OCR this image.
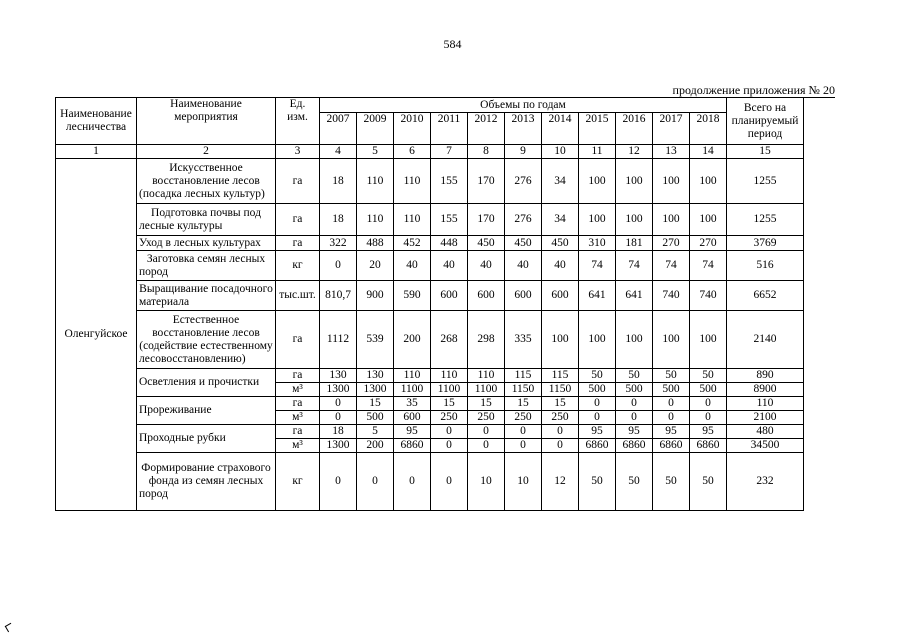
584
продолжение приложения № 20
Наименование лесничества	Наименование мероприятия	Ед. изм.	Объемы по годам											Всего на планируемый период
			2007	2009	2010	2011	2012	2013	2014	2015	2016	2017	2018	
1	2	3	4	5	6	7	8	9	10	11	12	13	14	15
Оленгуйское	Искусственное восстановление лесов (посадка лесных культур)	га	18	110	110	155	170	276	34	100	100	100	100	1255
	Подготовка почвы под лесные культуры	га	18	110	110	155	170	276	34	100	100	100	100	1255
	Уход в лесных культурах	га	322	488	452	448	450	450	450	310	181	270	270	3769
	Заготовка семян лесных пород	кг	0	20	40	40	40	40	40	74	74	74	74	516
	Выращивание посадочного материала	тыс.шт.	810,7	900	590	600	600	600	600	641	641	740	740	6652
	Естественное восстановление лесов (содействие естественному лесовосстановлению)	га	1112	539	200	268	298	335	100	100	100	100	100	2140
	Осветления и прочистки	га	130	130	110	110	110	115	115	50	50	50	50	890
		м³	1300	1300	1100	1100	1100	1150	1150	500	500	500	500	8900
	Прореживание	га	0	15	35	15	15	15	15	0	0	0	0	110
		м³	0	500	600	250	250	250	250	0	0	0	0	2100
	Проходные рубки	га	18	5	95	0	0	0	0	95	95	95	95	480
		м³	1300	200	6860	0	0	0	0	6860	6860	6860	6860	34500
	Формирование страхового фонда из семян лесных пород	кг	0	0	0	0	10	10	12	50	50	50	50	232
